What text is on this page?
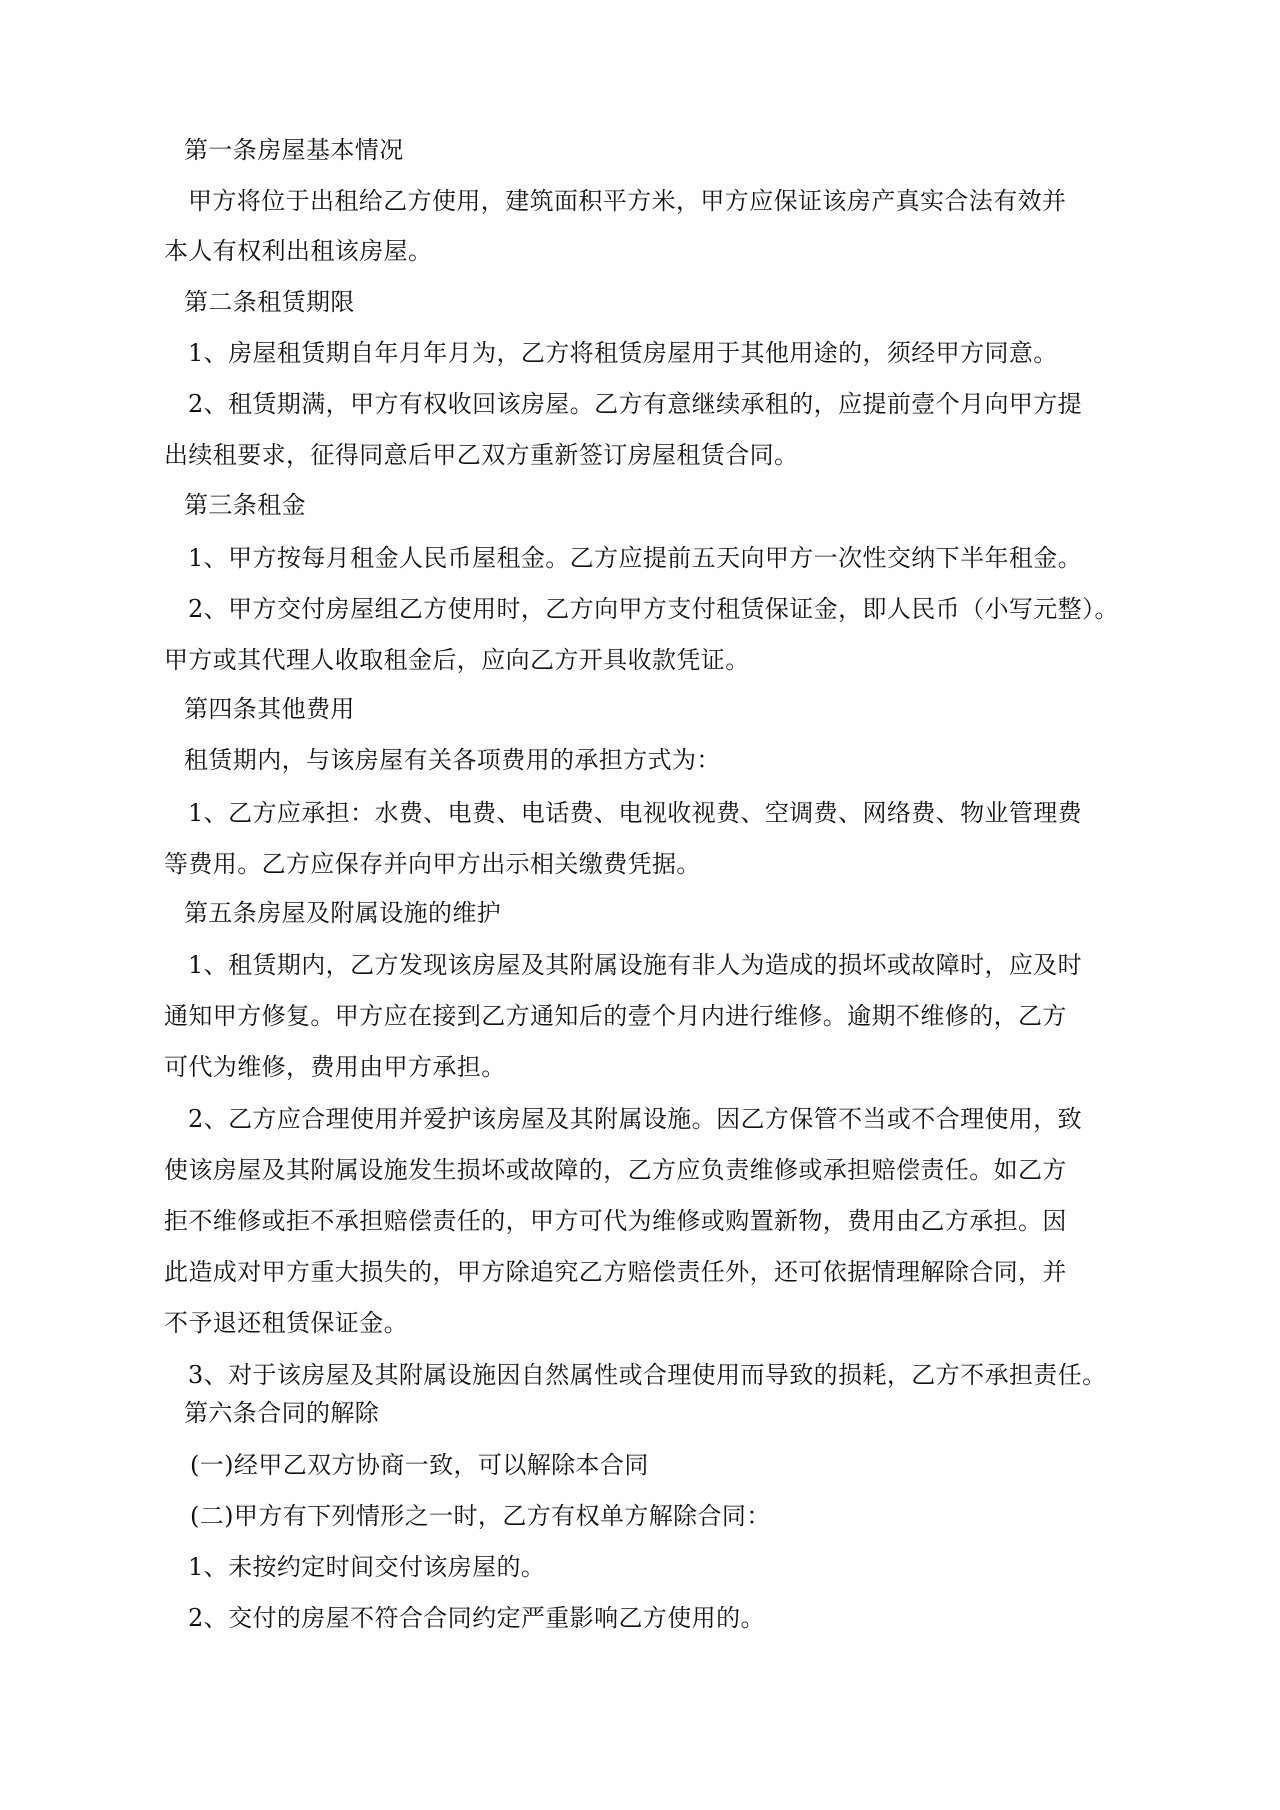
第一条房屋基本情况

甲方将位于出租给乙方使用，建筑面积平方米，甲方应保证该房产真实合法有效并

本人有权利出租该房屋。

第二条租赁期限

1、房屋租赁期自年月年月为，乙方将租赁房屋用于其他用途的，须经甲方同意。

2、租赁期满，甲方有权收回该房屋。乙方有意继续承租的，应提前壹个月向甲方提

出续租要求，征得同意后甲乙双方重新签订房屋租赁合同。

第三条租金

1、甲方按每月租金人民币屋租金。乙方应提前五天向甲方一次性交纳下半年租金。

2、甲方交付房屋组乙方使用时，乙方向甲方支付租赁保证金，即人民币（小写元整）。

甲方或其代理人收取租金后，应向乙方开具收款凭证。

第四条其他费用

租赁期内，与该房屋有关各项费用的承担方式为：

1、乙方应承担：水费、电费、电话费、电视收视费、空调费、网络费、物业管理费

等费用。乙方应保存并向甲方出示相关缴费凭据。

第五条房屋及附属设施的维护

1、租赁期内，乙方发现该房屋及其附属设施有非人为造成的损坏或故障时，应及时

通知甲方修复。甲方应在接到乙方通知后的壹个月内进行维修。逾期不维修的，乙方

可代为维修，费用由甲方承担。

2、乙方应合理使用并爱护该房屋及其附属设施。因乙方保管不当或不合理使用，致

使该房屋及其附属设施发生损坏或故障的，乙方应负责维修或承担赔偿责任。如乙方

拒不维修或拒不承担赔偿责任的，甲方可代为维修或购置新物，费用由乙方承担。因

此造成对甲方重大损失的，甲方除追究乙方赔偿责任外，还可依据情理解除合同，并

不予退还租赁保证金。

3、对于该房屋及其附属设施因自然属性或合理使用而导致的损耗，乙方不承担责任。

第六条合同的解除

(一)经甲乙双方协商一致，可以解除本合同

(二)甲方有下列情形之一时，乙方有权单方解除合同：

1、未按约定时间交付该房屋的。

2、交付的房屋不符合合同约定严重影响乙方使用的。
